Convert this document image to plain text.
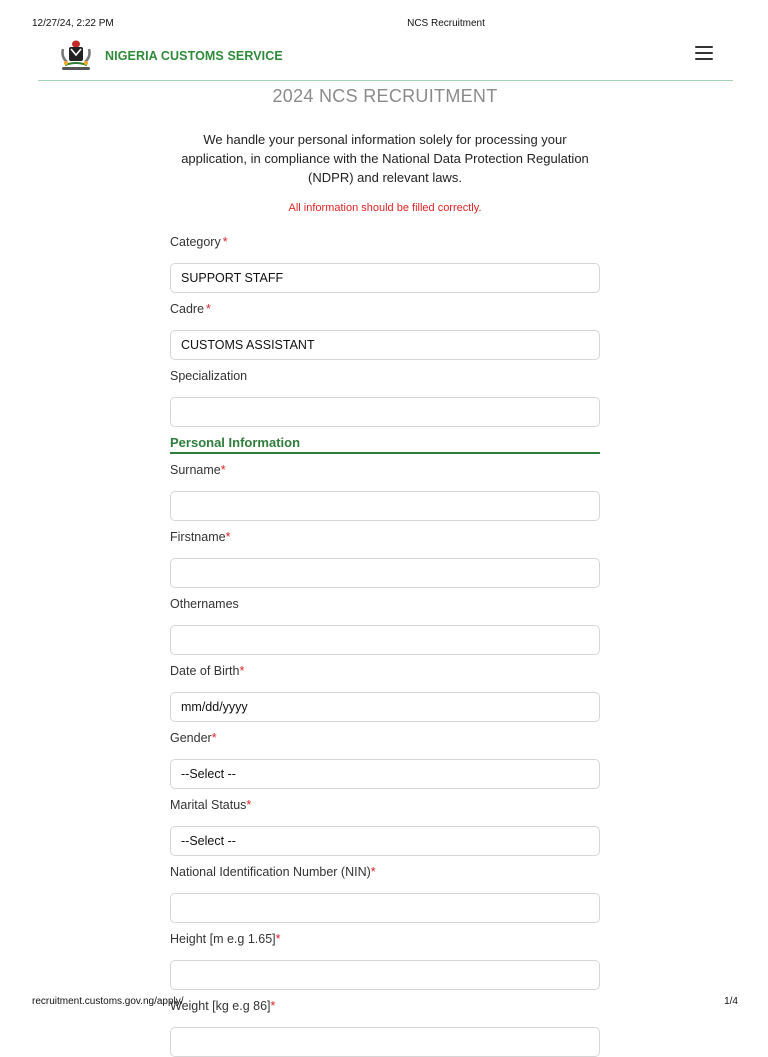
12/27/24, 2:22 PM	NCS Recruitment
NIGERIA CUSTOMS SERVICE
2024 NCS RECRUITMENT
We handle your personal information solely for processing your application, in compliance with the National Data Protection Regulation (NDPR) and relevant laws.
All information should be filled correctly.
Category *
SUPPORT STAFF
Cadre *
CUSTOMS ASSISTANT
Specialization
Personal Information
Surname*
Firstname*
Othernames
Date of Birth*
mm/dd/yyyy
Gender*
--Select --
Marital Status*
--Select --
National Identification Number (NIN)*
Height [m e.g 1.65]*
Weight [kg e.g 86]*
recruitment.customs.gov.ng/apply/	1/4
